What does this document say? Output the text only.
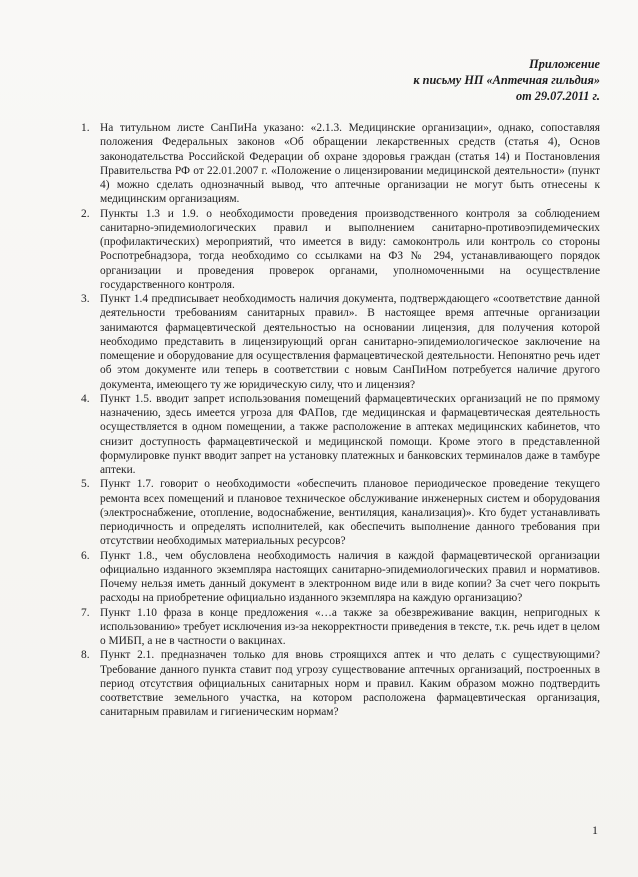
Приложение
к письму НП «Аптечная гильдия»
от 29.07.2011 г.
1. На титульном листе СанПиНа указано: «2.1.3. Медицинские организации», однако, сопоставляя положения Федеральных законов «Об обращении лекарственных средств (статья 4), Основ законодательства Российской Федерации об охране здоровья граждан (статья 14) и Постановления Правительства РФ от 22.01.2007 г. «Положение о лицензировании медицинской деятельности» (пункт 4) можно сделать однозначный вывод, что аптечные организации не могут быть отнесены к медицинским организациям.
2. Пункты 1.3 и 1.9. о необходимости проведения производственного контроля за соблюдением санитарно-эпидемиологических правил и выполнением санитарно-противоэпидемических (профилактических) мероприятий, что имеется в виду: самоконтроль или контроль со стороны Роспотребнадзора, тогда необходимо со ссылками на ФЗ № 294, устанавливающего порядок организации и проведения проверок органами, уполномоченными на осуществление государственного контроля.
3. Пункт 1.4 предписывает необходимость наличия документа, подтверждающего «соответствие данной деятельности требованиям санитарных правил». В настоящее время аптечные организации занимаются фармацевтической деятельностью на основании лицензия, для получения которой необходимо представить в лицензирующий орган санитарно-эпидемиологическое заключение на помещение и оборудование для осуществления фармацевтической деятельности. Непонятно речь идет об этом документе или теперь в соответствии с новым СанПиНом потребуется наличие другого документа, имеющего ту же юридическую силу, что и лицензия?
4. Пункт 1.5. вводит запрет использования помещений фармацевтических организаций не по прямому назначению, здесь имеется угроза для ФАПов, где медицинская и фармацевтическая деятельность осуществляется в одном помещении, а также расположение в аптеках медицинских кабинетов, что снизит доступность фармацевтической и медицинской помощи. Кроме этого в представленной формулировке пункт вводит запрет на установку платежных и банковских терминалов даже в тамбуре аптеки.
5. Пункт 1.7. говорит о необходимости «обеспечить плановое периодическое проведение текущего ремонта всех помещений и плановое техническое обслуживание инженерных систем и оборудования (электроснабжение, отопление, водоснабжение, вентиляция, канализация)». Кто будет устанавливать периодичность и определять исполнителей, как обеспечить выполнение данного требования при отсутствии необходимых материальных ресурсов?
6. Пункт 1.8., чем обусловлена необходимость наличия в каждой фармацевтической организации официально изданного экземпляра настоящих санитарно-эпидемиологических правил и нормативов. Почему нельзя иметь данный документ в электронном виде или в виде копии? За счет чего покрыть расходы на приобретение официально изданного экземпляра на каждую организацию?
7. Пункт 1.10 фраза в конце предложения «…а также за обезвреживание вакцин, непригодных к использованию» требует исключения из-за некорректности приведения в тексте, т.к. речь идет в целом о МИБП, а не в частности о вакцинах.
8. Пункт 2.1. предназначен только для вновь строящихся аптек и что делать с существующими? Требование данного пункта ставит под угрозу существование аптечных организаций, построенных в период отсутствия официальных санитарных норм и правил. Каким образом можно подтвердить соответствие земельного участка, на котором расположена фармацевтическая организация, санитарным правилам и гигиеническим нормам?
1
